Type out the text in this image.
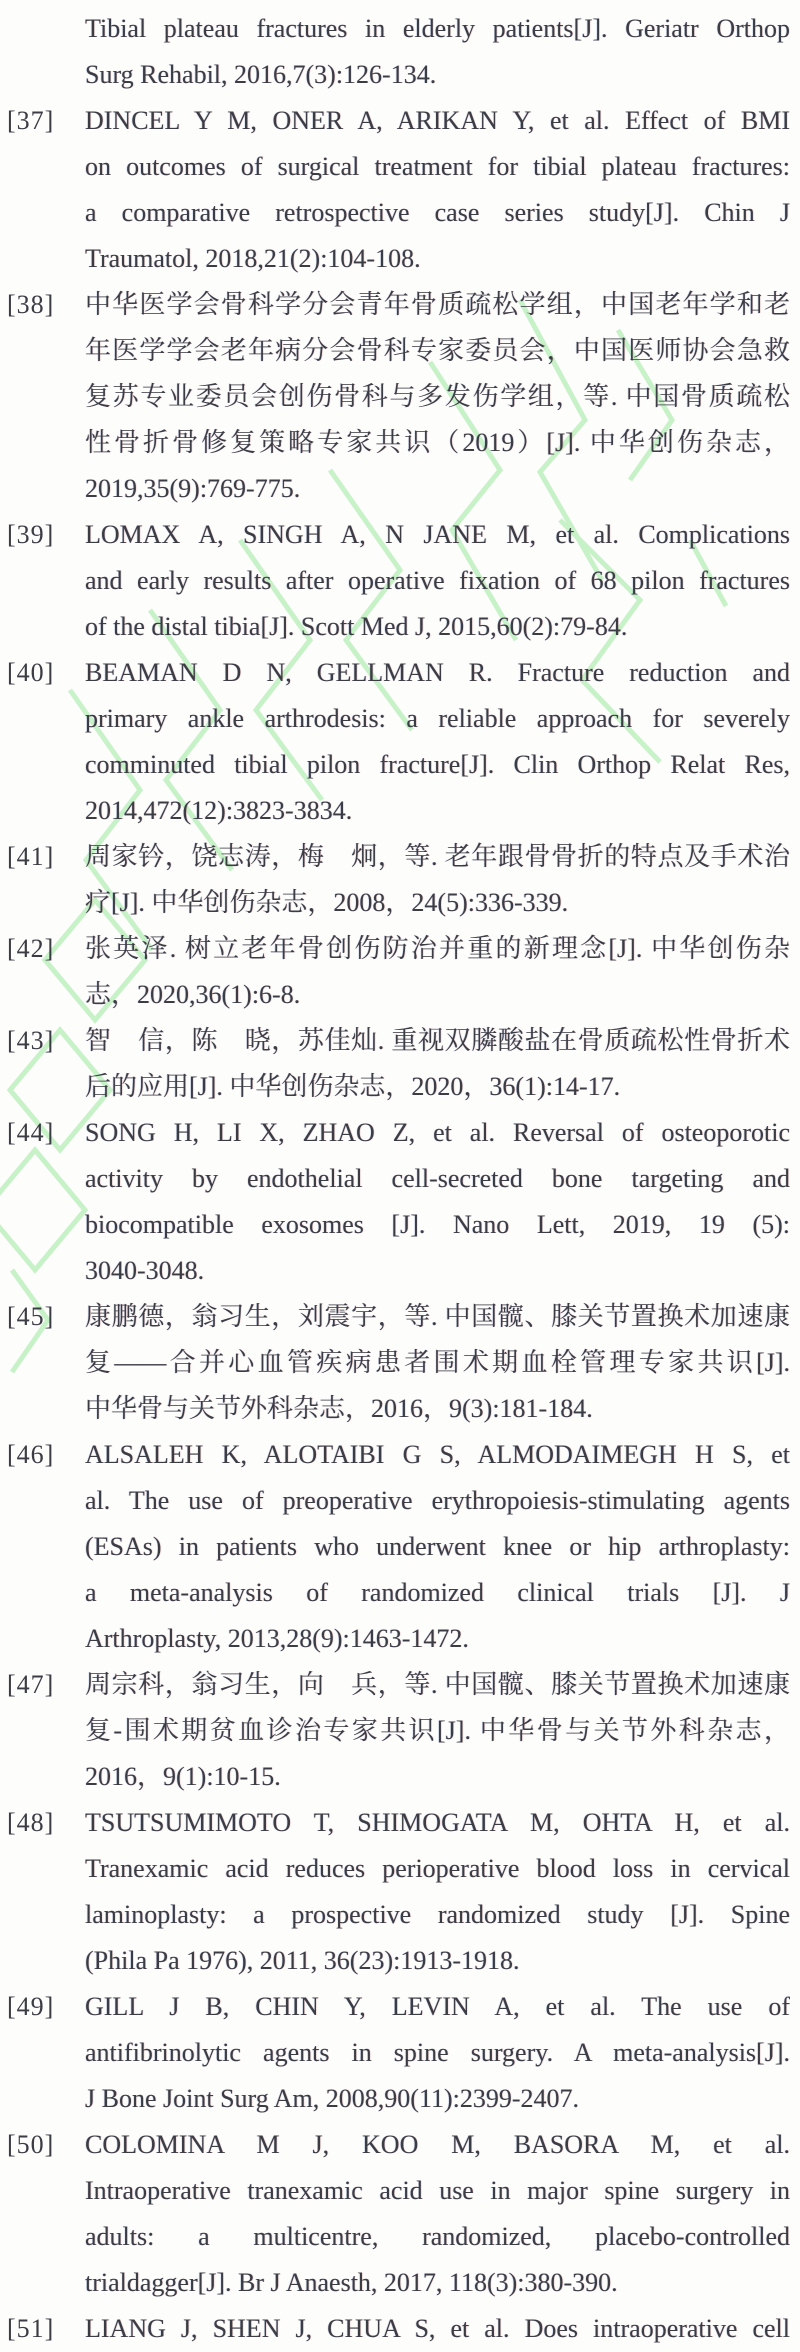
Tibial plateau fractures in elderly patients[J]. Geriatr Orthop
Surg Rehabil, 2016,7(3):126-134.
[37]	DINCEL Y M, ONER A, ARIKAN Y, et al. Effect of BMI
on outcomes of surgical treatment for tibial plateau fractures:
a comparative retrospective case series study[J]. Chin J
Traumatol, 2018,21(2):104-108.
[38]	中华医学会骨科学分会青年骨质疏松学组，中国老年学和老
年医学学会老年病分会骨科专家委员会，中国医师协会急救
复苏专业委员会创伤骨科与多发伤学组，等. 中国骨质疏松
性骨折骨修复策略专家共识（2019）[J]. 中华创伤杂志，
2019,35(9):769-775.
[39]	LOMAX A, SINGH A, N JANE M, et al. Complications
and early results after operative fixation of 68 pilon fractures
of the distal tibia[J]. Scott Med J, 2015,60(2):79-84.
[40]	BEAMAN D N, GELLMAN R. Fracture reduction and
primary ankle arthrodesis: a reliable approach for severely
comminuted tibial pilon fracture[J]. Clin Orthop Relat Res,
2014,472(12):3823-3834.
[41]	周家钤，饶志涛，梅　炯，等. 老年跟骨骨折的特点及手术治
疗[J]. 中华创伤杂志，2008，24(5):336-339.
[42]	张英泽. 树立老年骨创伤防治并重的新理念[J]. 中华创伤杂
志，2020,36(1):6-8.
[43]	智　信，陈　晓，苏佳灿. 重视双膦酸盐在骨质疏松性骨折术
后的应用[J]. 中华创伤杂志，2020，36(1):14-17.
[44]	SONG H, LI X, ZHAO Z, et al. Reversal of osteoporotic
activity by endothelial cell-secreted bone targeting and
biocompatible exosomes [J]. Nano Lett, 2019, 19 (5):
3040-3048.
[45]	康鹏德，翁习生，刘震宇，等. 中国髋、膝关节置换术加速康
复——合并心血管疾病患者围术期血栓管理专家共识[J].
中华骨与关节外科杂志，2016，9(3):181-184.
[46]	ALSALEH K, ALOTAIBI G S, ALMODAIMEGH H S, et
al. The use of preoperative erythropoiesis-stimulating agents
(ESAs) in patients who underwent knee or hip arthroplasty:
a meta-analysis of randomized clinical trials [J]. J
Arthroplasty, 2013,28(9):1463-1472.
[47]	周宗科，翁习生，向　兵，等. 中国髋、膝关节置换术加速康
复-围术期贫血诊治专家共识[J]. 中华骨与关节外科杂志，
2016，9(1):10-15.
[48]	TSUTSUMIMOTO T, SHIMOGATA M, OHTA H, et al.
Tranexamic acid reduces perioperative blood loss in cervical
laminoplasty: a prospective randomized study [J]. Spine
(Phila Pa 1976), 2011, 36(23):1913-1918.
[49]	GILL J B, CHIN Y, LEVIN A, et al. The use of
antifibrinolytic agents in spine surgery. A meta-analysis[J].
J Bone Joint Surg Am, 2008,90(11):2399-2407.
[50]	COLOMINA M J, KOO M, BASORA M, et al.
Intraoperative tranexamic acid use in major spine surgery in
adults: a multicentre, randomized, placebo-controlled
trialdagger[J]. Br J Anaesth, 2017, 118(3):380-390.
[51]	LIANG J, SHEN J, CHUA S, et al. Does intraoperative cell
